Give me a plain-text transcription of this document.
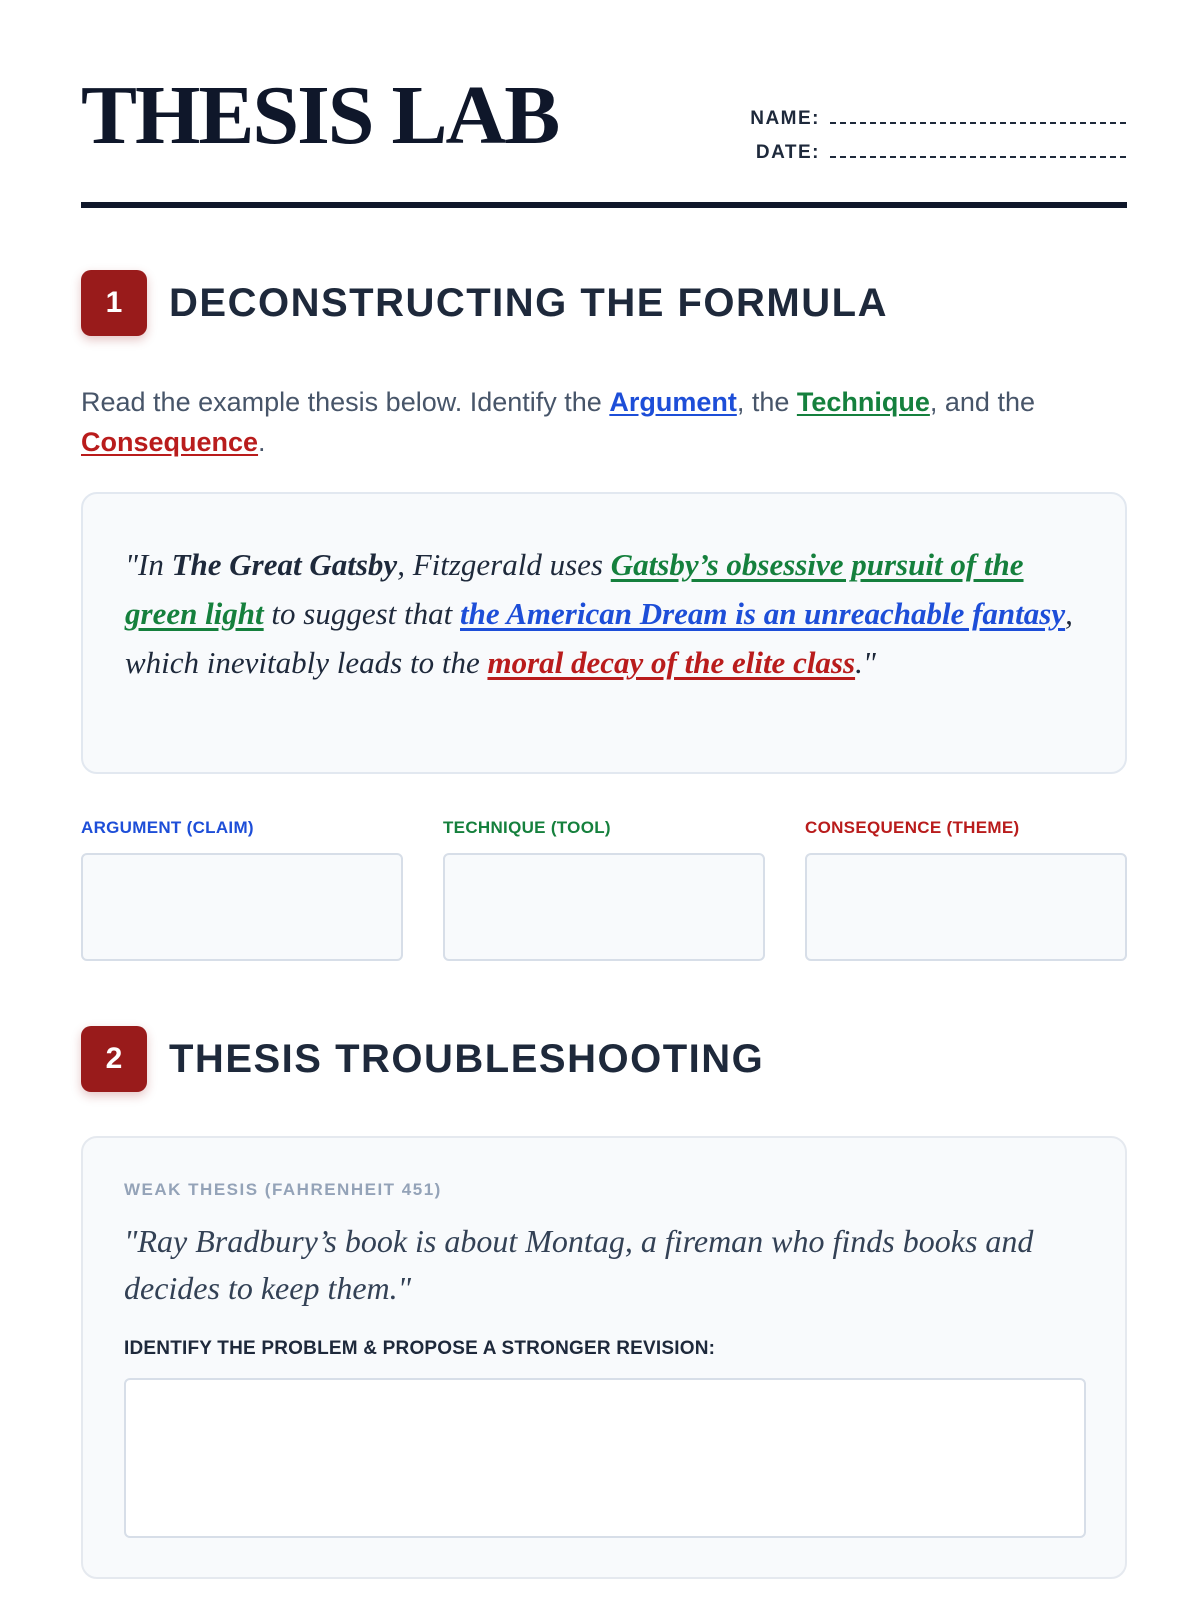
THESIS LAB	NAME:
DATE:
1	DECONSTRUCTING THE FORMULA
Read the example thesis below. Identify the Argument, the Technique, and the
Consequence.
"In The Great Gatsby, Fitzgerald uses Gatsby’s obsessive pursuit of the green light to suggest that the American Dream is an unreachable fantasy, which inevitably leads to the moral decay of the elite class."
ARGUMENT (CLAIM)	TECHNIQUE (TOOL)	CONSEQUENCE (THEME)
2	THESIS TROUBLESHOOTING
WEAK THESIS (FAHRENHEIT 451)
"Ray Bradbury’s book is about Montag, a fireman who finds books and decides to keep them."
IDENTIFY THE PROBLEM & PROPOSE A STRONGER REVISION:
